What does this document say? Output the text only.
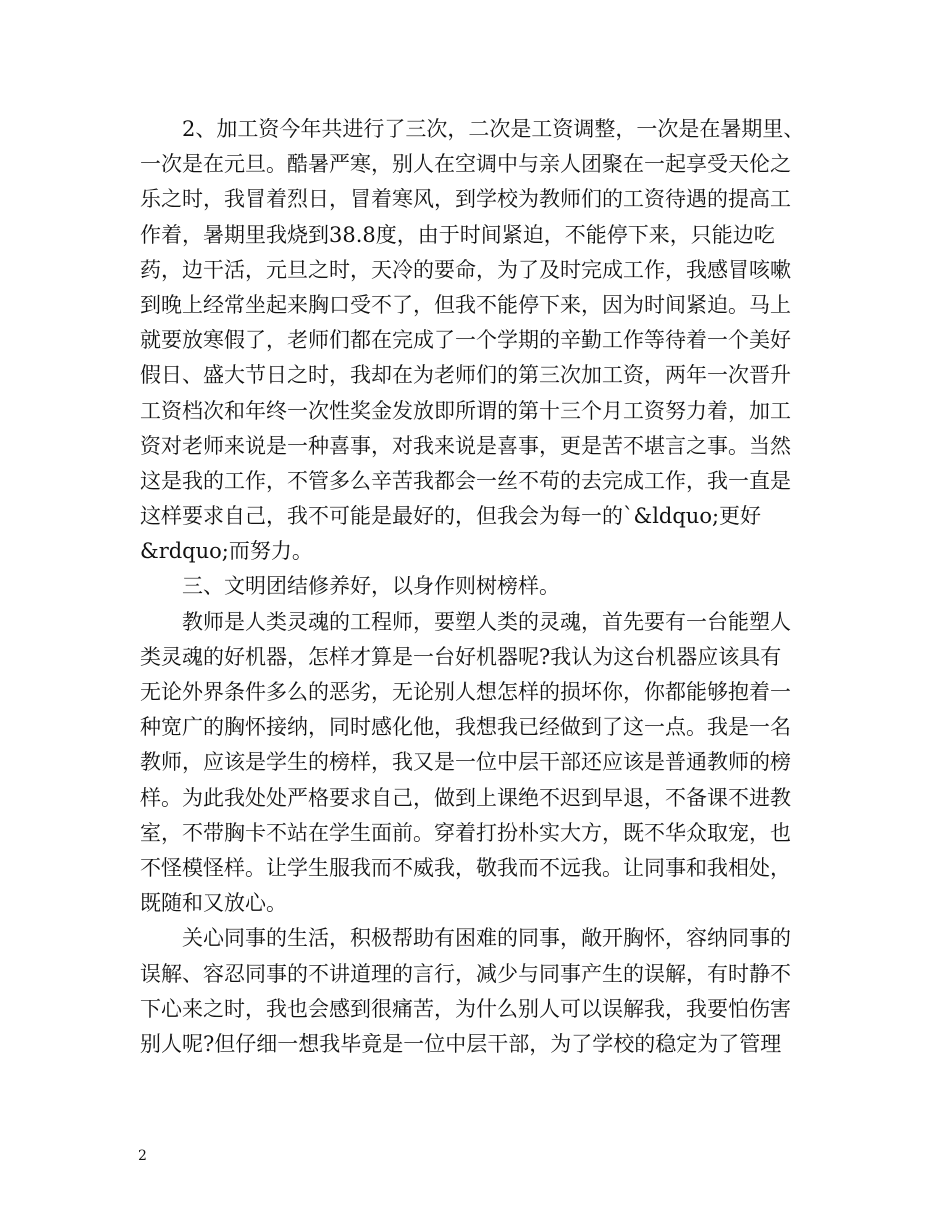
2、加工资今年共进行了三次，二次是工资调整，一次是在暑期里、
一次是在元旦。酷暑严寒，别人在空调中与亲人团聚在一起享受天伦之
乐之时，我冒着烈日，冒着寒风，到学校为教师们的工资待遇的提高工
作着，暑期里我烧到38.8度，由于时间紧迫，不能停下来，只能边吃
药，边干活，元旦之时，天冷的要命，为了及时完成工作，我感冒咳嗽
到晚上经常坐起来胸口受不了，但我不能停下来，因为时间紧迫。马上
就要放寒假了，老师们都在完成了一个学期的辛勤工作等待着一个美好
假日、盛大节日之时，我却在为老师们的第三次加工资，两年一次晋升
工资档次和年终一次性奖金发放即所谓的第十三个月工资努力着，加工
资对老师来说是一种喜事，对我来说是喜事，更是苦不堪言之事。当然
这是我的工作，不管多么辛苦我都会一丝不苟的去完成工作，我一直是
这样要求自己，我不可能是最好的，但我会为每一的`&ldquo;更好
&rdquo;而努力。
三、文明团结修养好，以身作则树榜样。
教师是人类灵魂的工程师，要塑人类的灵魂，首先要有一台能塑人
类灵魂的好机器，怎样才算是一台好机器呢?我认为这台机器应该具有
无论外界条件多么的恶劣，无论别人想怎样的损坏你，你都能够抱着一
种宽广的胸怀接纳，同时感化他，我想我已经做到了这一点。我是一名
教师，应该是学生的榜样，我又是一位中层干部还应该是普通教师的榜
样。为此我处处严格要求自己，做到上课绝不迟到早退，不备课不进教
室，不带胸卡不站在学生面前。穿着打扮朴实大方，既不华众取宠，也
不怪模怪样。让学生服我而不威我，敬我而不远我。让同事和我相处，
既随和又放心。
关心同事的生活，积极帮助有困难的同事，敞开胸怀，容纳同事的
误解、容忍同事的不讲道理的言行，减少与同事产生的误解，有时静不
下心来之时，我也会感到很痛苦，为什么别人可以误解我，我要怕伤害
别人呢?但仔细一想我毕竟是一位中层干部，为了学校的稳定为了管理
2
